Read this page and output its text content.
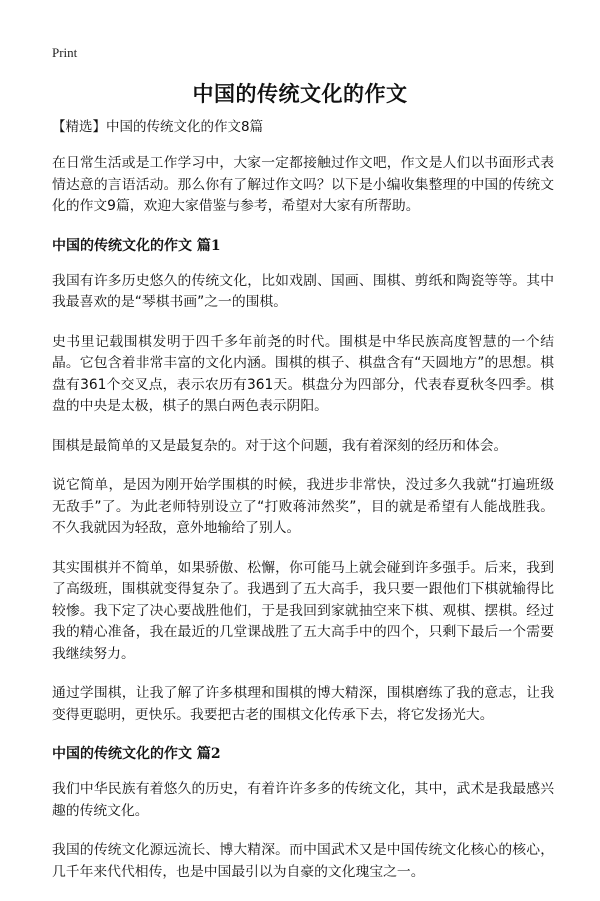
Print
中国的传统文化的作文
【精选】中国的传统文化的作文8篇

在日常生活或是工作学习中，大家一定都接触过作文吧，作文是人们以书面形式表情达意的言语活动。那么你有了解过作文吗？以下是小编收集整理的中国的传统文化的作文9篇，欢迎大家借鉴与参考，希望对大家有所帮助。

中国的传统文化的作文 篇1

我国有许多历史悠久的传统文化，比如戏剧、国画、围棋、剪纸和陶瓷等等。其中我最喜欢的是“琴棋书画”之一的围棋。

史书里记载围棋发明于四千多年前尧的时代。围棋是中华民族高度智慧的一个结晶。它包含着非常丰富的文化内涵。围棋的棋子、棋盘含有“天圆地方”的思想。棋盘有361个交叉点，表示农历有361天。棋盘分为四部分，代表春夏秋冬四季。棋盘的中央是太极，棋子的黑白两色表示阴阳。

围棋是最简单的又是最复杂的。对于这个问题，我有着深刻的经历和体会。

说它简单，是因为刚开始学围棋的时候，我进步非常快，没过多久我就“打遍班级无敌手”了。为此老师特别设立了“打败蒋沛然奖”，目的就是希望有人能战胜我。不久我就因为轻敌，意外地输给了别人。

其实围棋并不简单，如果骄傲、松懈，你可能马上就会碰到许多强手。后来，我到了高级班，围棋就变得复杂了。我遇到了五大高手，我只要一跟他们下棋就输得比较惨。我下定了决心要战胜他们，于是我回到家就抽空来下棋、观棋、摆棋。经过我的精心准备，我在最近的几堂课战胜了五大高手中的四个，只剩下最后一个需要我继续努力。

通过学围棋，让我了解了许多棋理和围棋的博大精深，围棋磨练了我的意志，让我变得更聪明，更快乐。我要把古老的围棋文化传承下去，将它发扬光大。

中国的传统文化的作文 篇2

我们中华民族有着悠久的历史，有着许许多多的传统文化，其中，武术是我最感兴趣的传统文化。

我国的传统文化源远流长、博大精深。而中国武术又是中国传统文化核心的核心，几千年来代代相传，也是中国最引以为自豪的文化瑰宝之一。
